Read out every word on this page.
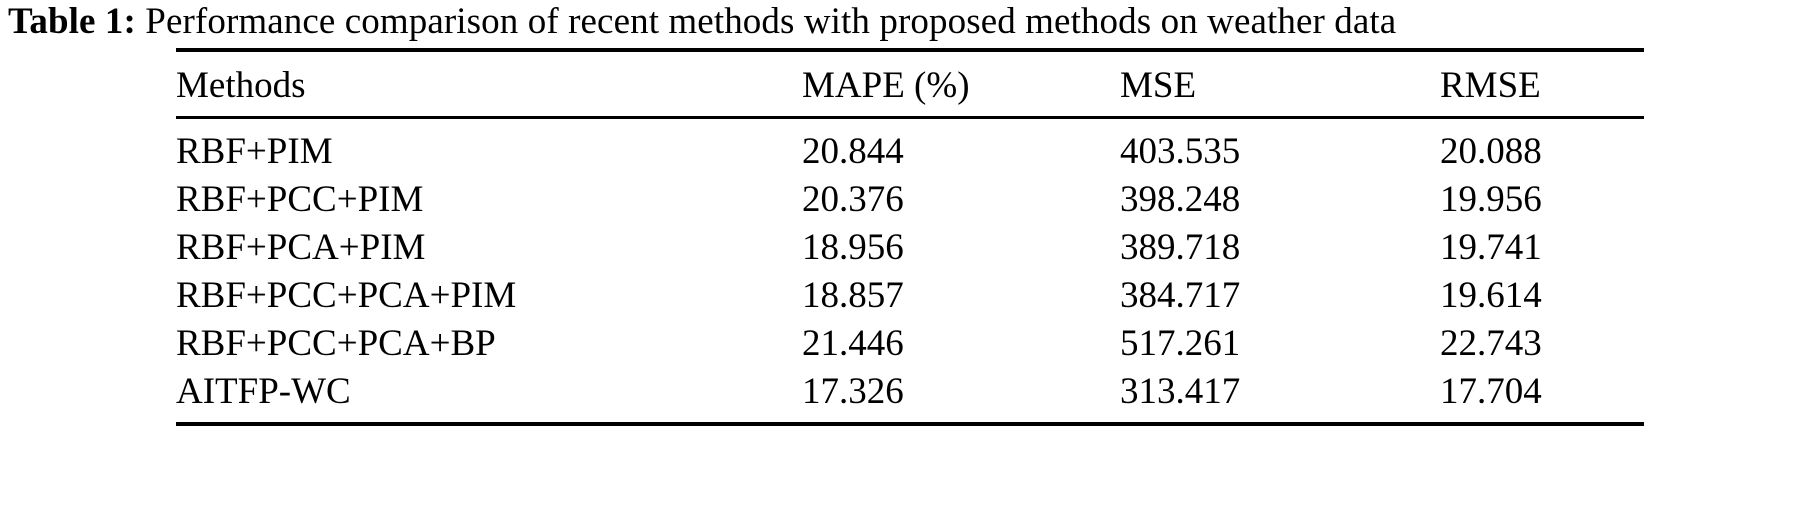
Table 1: Performance comparison of recent methods with proposed methods on weather data
Methods	MAPE (%)	MSE	RMSE
RBF+PIM	20.844	403.535	20.088
RBF+PCC+PIM	20.376	398.248	19.956
RBF+PCA+PIM	18.956	389.718	19.741
RBF+PCC+PCA+PIM	18.857	384.717	19.614
RBF+PCC+PCA+BP	21.446	517.261	22.743
AITFP-WC	17.326	313.417	17.704
